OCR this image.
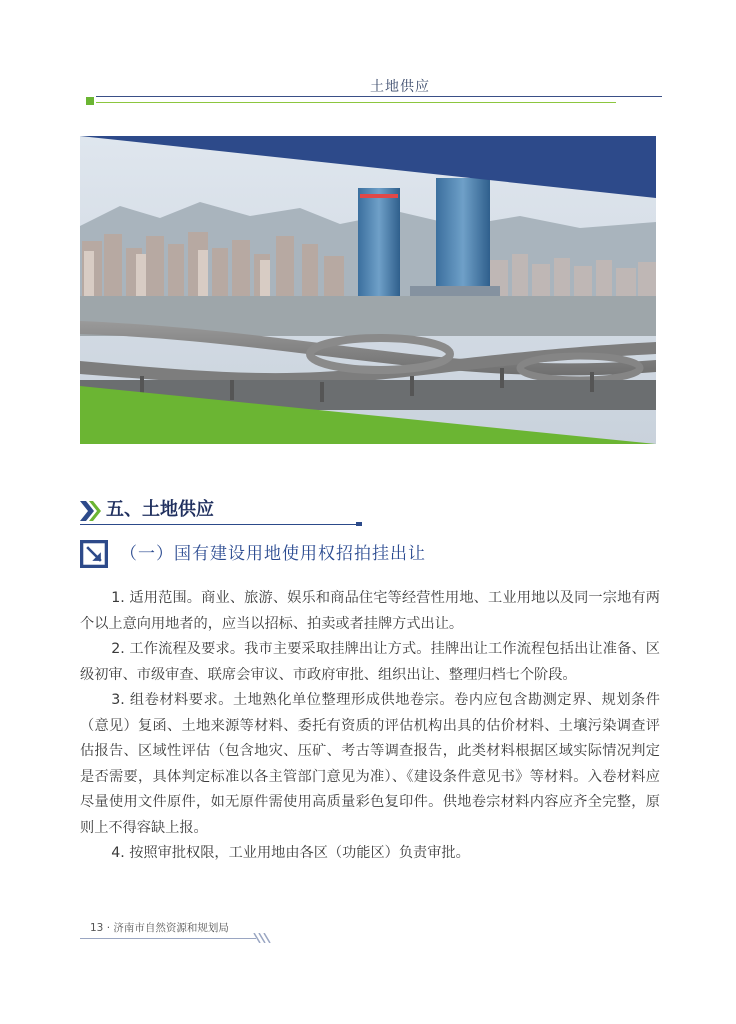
土地供应
五、土地供应
（一）国有建设用地使用权招拍挂出让

1. 适用范围。商业、旅游、娱乐和商品住宅等经营性用地、工业用地以及同一宗地有两个以上意向用地者的，应当以招标、拍卖或者挂牌方式出让。

2. 工作流程及要求。我市主要采取挂牌出让方式。挂牌出让工作流程包括出让准备、区级初审、市级审查、联席会审议、市政府审批、组织出让、整理归档七个阶段。

3. 组卷材料要求。土地熟化单位整理形成供地卷宗。卷内应包含勘测定界、规划条件（意见）复函、土地来源等材料、委托有资质的评估机构出具的估价材料、土壤污染调查评估报告、区域性评估（包含地灾、压矿、考古等调查报告，此类材料根据区域实际情况判定是否需要，具体判定标准以各主管部门意见为准）、《建设条件意见书》等材料。入卷材料应尽量使用文件原件，如无原件需使用高质量彩色复印件。供地卷宗材料内容应齐全完整，原则上不得容缺上报。

4. 按照审批权限，工业用地由各区（功能区）负责审批。

13 · 济南市自然资源和规划局
